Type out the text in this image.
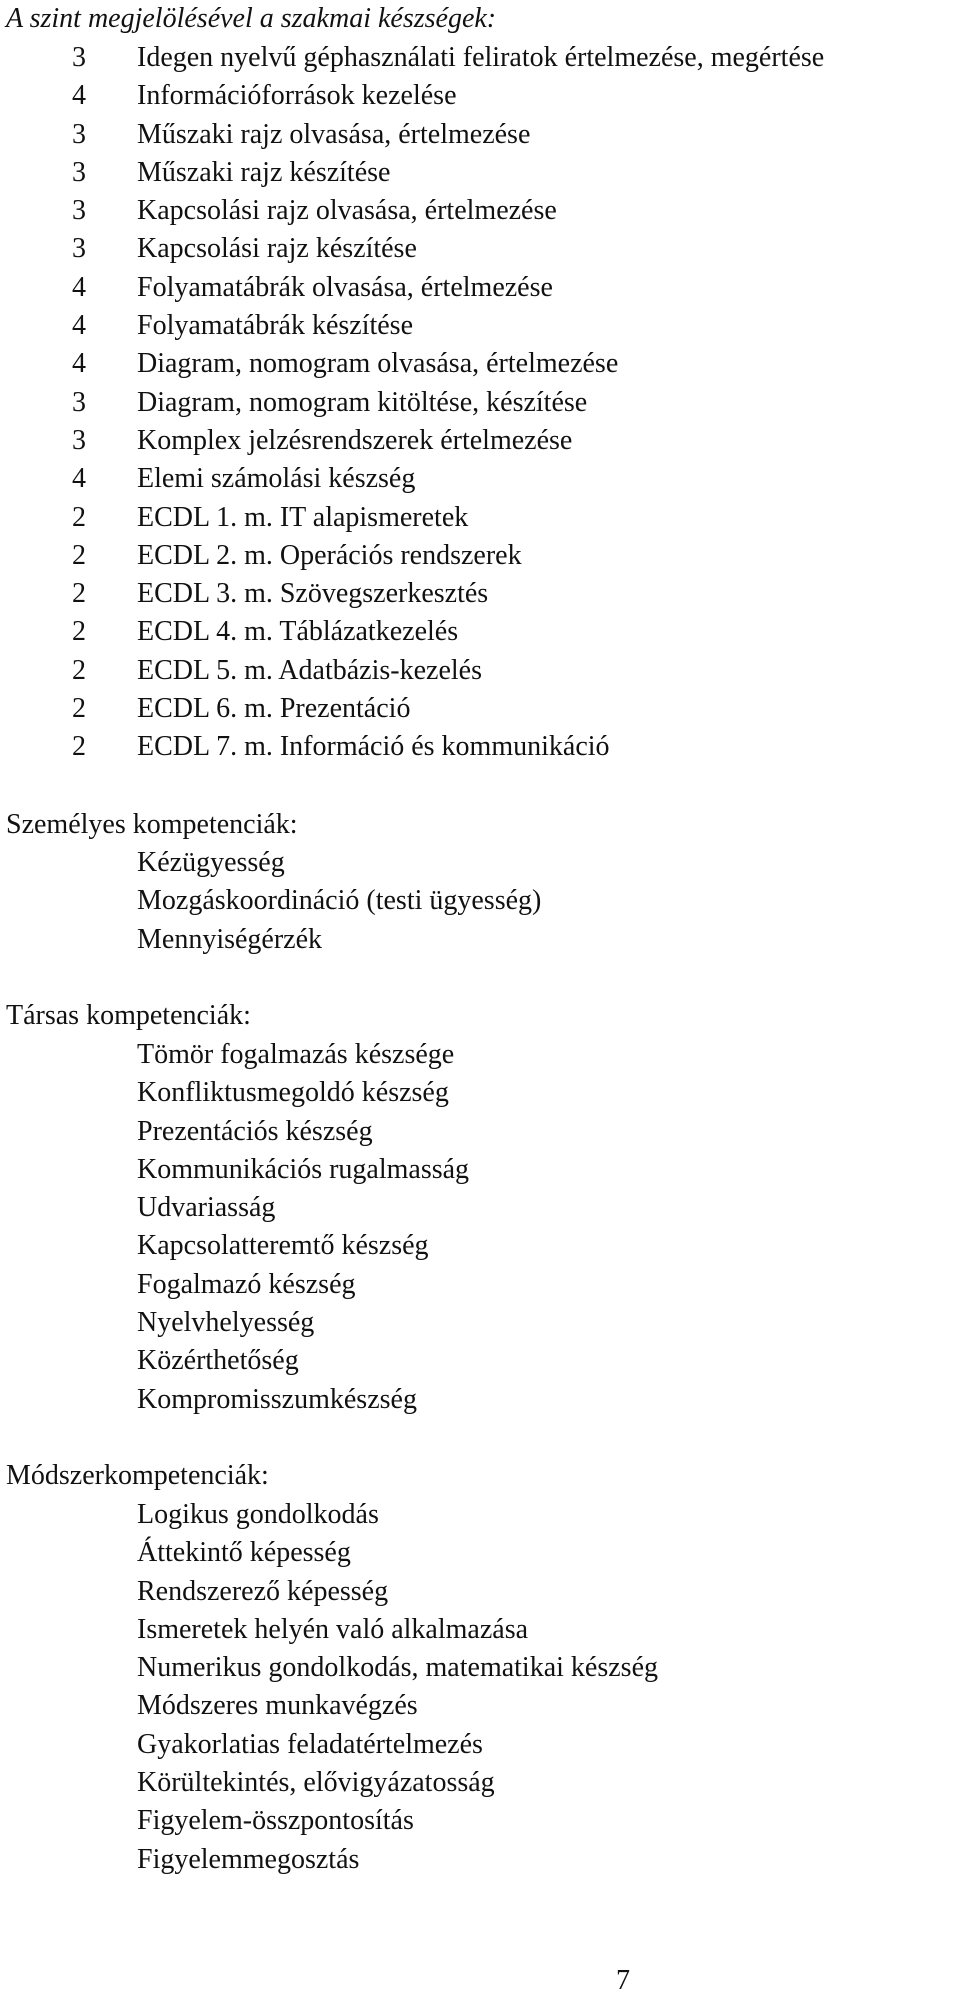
A szint megjelölésével a szakmai készségek:
3 Idegen nyelvű géphasználati feliratok értelmezése, megértése
4 Információforrások kezelése
3 Műszaki rajz olvasása, értelmezése
3 Műszaki rajz készítése
3 Kapcsolási rajz olvasása, értelmezése
3 Kapcsolási rajz készítése
4 Folyamatábrák olvasása, értelmezése
4 Folyamatábrák készítése
4 Diagram, nomogram olvasása, értelmezése
3 Diagram, nomogram kitöltése, készítése
3 Komplex jelzésrendszerek értelmezése
4 Elemi számolási készség
2 ECDL 1. m. IT alapismeretek
2 ECDL 2. m. Operációs rendszerek
2 ECDL 3. m. Szövegszerkesztés
2 ECDL 4. m. Táblázatkezelés
2 ECDL 5. m. Adatbázis-kezelés
2 ECDL 6. m. Prezentáció
2 ECDL 7. m. Információ és kommunikáció
Személyes kompetenciák:
Kézügyesség
Mozgáskoordináció (testi ügyesség)
Mennyiségérzék
Társas kompetenciák:
Tömör fogalmazás készsége
Konfliktusmegoldó készség
Prezentációs készség
Kommunikációs rugalmasság
Udvariasság
Kapcsolatteremtő készség
Fogalmazó készség
Nyelvhelyesség
Közérthetőség
Kompromisszumkészség
Módszerkompetenciák:
Logikus gondolkodás
Áttekintő képesség
Rendszerező képesség
Ismeretek helyén való alkalmazása
Numerikus gondolkodás, matematikai készség
Módszeres munkavégzés
Gyakorlatias feladatértelmezés
Körültekintés, elővigyázatosság
Figyelem-összpontosítás
Figyelemmegosztás
7
